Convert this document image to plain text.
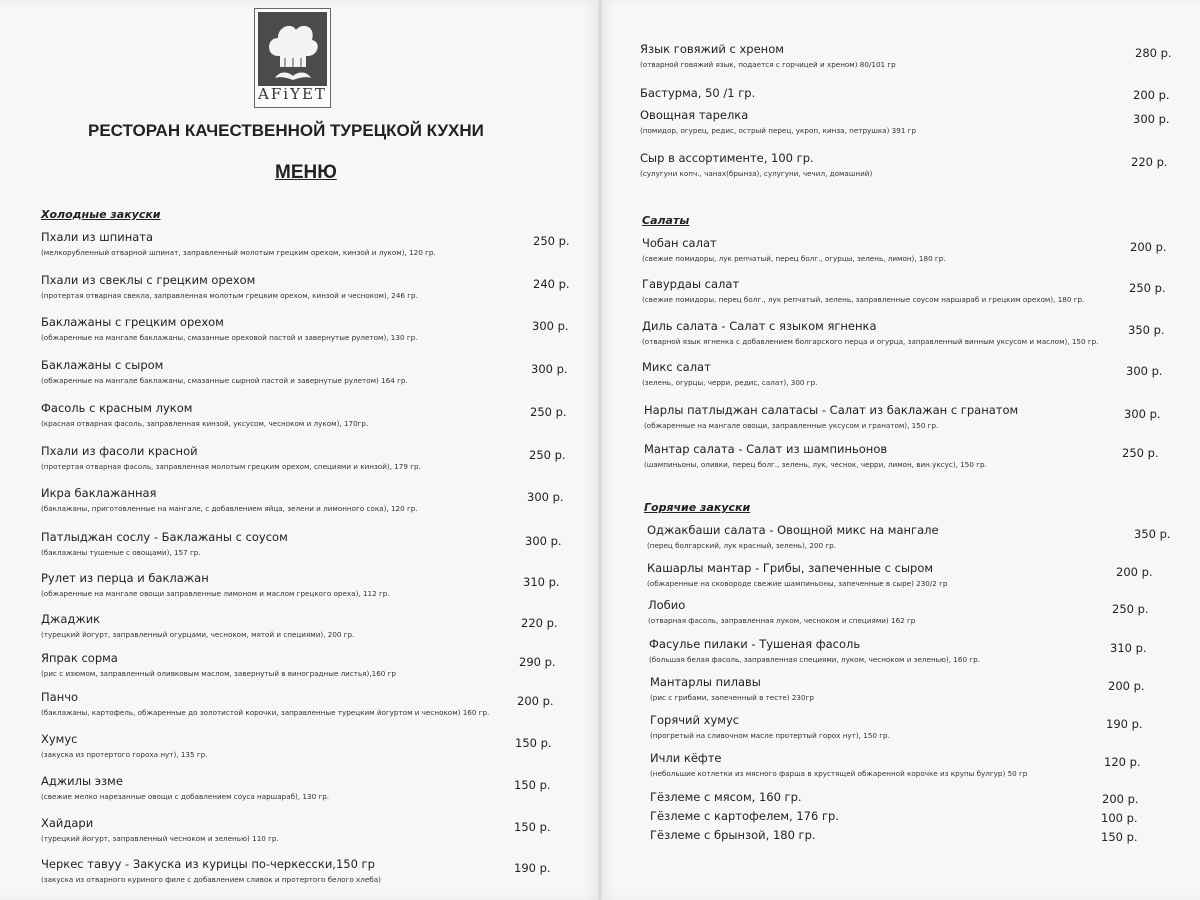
AFiYET
РЕСТОРАН КАЧЕСТВЕННОЙ ТУРЕЦКОЙ КУХНИ
МЕНЮ
Холодные закуски
Пхали из шпината
(мелкорубленный отварной шпинат, заправленный молотым грецким орехом, кинзой и луком), 120 гр.
250 р.
Пхали из свеклы с грецким орехом
(протертая отварная свекла, заправленная молотым грецким орехом, кинзой и чесноком), 246 гр.
240 р.
Баклажаны с грецким орехом
(обжаренные на мангале баклажаны, смазанные ореховой пастой и завернутые рулетом), 130 гр.
300 р.
Баклажаны с сыром
(обжаренные на мангале баклажаны, смазанные сырной пастой и завернутые рулетом) 164 гр.
300 р.
Фасоль с красным луком
(красная отварная фасоль, заправленная кинзой, уксусом, чесноком и луком), 170гр.
250 р.
Пхали из фасоли красной
(протертая отварная фасоль, заправленная молотым грецким орехом, специями и кинзой), 179 гр.
250 р.
Икра баклажанная
(баклажаны, приготовленные на мангале, с добавлением яйца, зелени и лимонного сока), 120 гр.
300 р.
Патлыджан сослу - Баклажаны с соусом
(баклажаны тушеные с овощами), 157 гр.
300 р.
Рулет из перца и баклажан
(обжаренные на мангале овощи заправленные лимоном и маслом грецкого ореха), 112 гр.
310 р.
Джаджик
(турецкий йогурт, заправленный огурцами, чесноком, мятой и специями), 200 гр.
220 р.
Япрак сорма
(рис с изюмом, заправленный оливковым маслом, завернутый в виноградные листья),160 гр
290 р.
Панчо
(баклажаны, картофель, обжаренные до золотистой корочки, заправленные турецким йогуртом и чесноком) 160 гр.
200 р.
Хумус
(закуска из протертого гороха нут), 135 гр.
150 р.
Аджилы эзме
(свежие мелко нарезанные овощи с добавлением соуса наршараб), 130 гр.
150 р.
Хайдари
(турецкий йогурт, заправленный чесноком и зеленью) 110 гр.
150 р.
Черкес тавуу - Закуска из курицы по-черкесски,150 гр
(закуска из отварного куриного филе с добавлением сливок и протертого белого хлеба)
190 р.
Язык говяжий с хреном
(отварной говяжий язык, подается с горчицей и хреном) 80/101 гр
280 р.
Бастурма, 50 /1 гр.	200 р.
Овощная тарелка
(помидор, огурец, редис, острый перец, укроп, кинза, петрушка) 391 гр
300 р.
Сыр в ассортименте, 100 гр.
(сулугуни копч., чанах(брынза), сулугуни, чечил, домашний)
220 р.
Салаты
Чобан салат
(свежие помидоры, лук репчатый, перец болг., огурцы, зелень, лимон), 180 гр.
200 р.
Гавурдаы салат
(свежие помидоры, перец болг., лук репчатый, зелень, заправленные соусом наршараб и грецким орехом), 180 гр.
250 р.
Диль салата - Салат с языком ягненка
(отварной язык ягненка с добавлением болгарского перца и огурца, заправленный винным уксусом и маслом), 150 гр.
350 р.
Микс салат
(зелень, огурцы, черри, редис, салат), 300 гр.
300 р.
Нарлы патлыджан салатасы - Салат из баклажан с гранатом
(обжаренные на мангале овощи, заправленные уксусом и гранатом), 150 гр.
300 р.
Мантар салата - Салат из шампиньонов
(шампиньоны, оливки, перец болг., зелень, лук, чеснок, черри, лимон, вин.уксус), 150 гр.
250 р.
Горячие закуски
Оджакбаши салата - Овощной микс на мангале
(перец болгарский, лук красный, зелень), 200 гр.
350 р.
Кашарлы мантар - Грибы, запеченные с сыром
(обжаренные на сковороде свежие шампиньоны, запеченные в сыре) 230/2 гр
200 р.
Лобио
(отварная фасоль, заправленная луком, чесноком и специями) 162 гр
250 р.
Фасулье пилаки - Тушеная фасоль
(большая белая фасоль, заправленная специями, луком, чесноком и зеленью), 160 гр.
310 р.
Мантарлы пилавы
(рис с грибами, запеченный в тесте) 230гр
200 р.
Горячий хумус
(прогретый на сливочном масле протертый горох нут), 150 гр.
190 р.
Ичли кёфте
(небольшие котлетки из мясного фарша в хрустящей обжаренной корочке из крупы булгур) 50 гр
120 р.
Гёзлеме с мясом, 160 гр.	200 р.
Гёзлеме с картофелем, 176 гр.	100 р.
Гёзлеме с брынзой, 180 гр.	150 р.
